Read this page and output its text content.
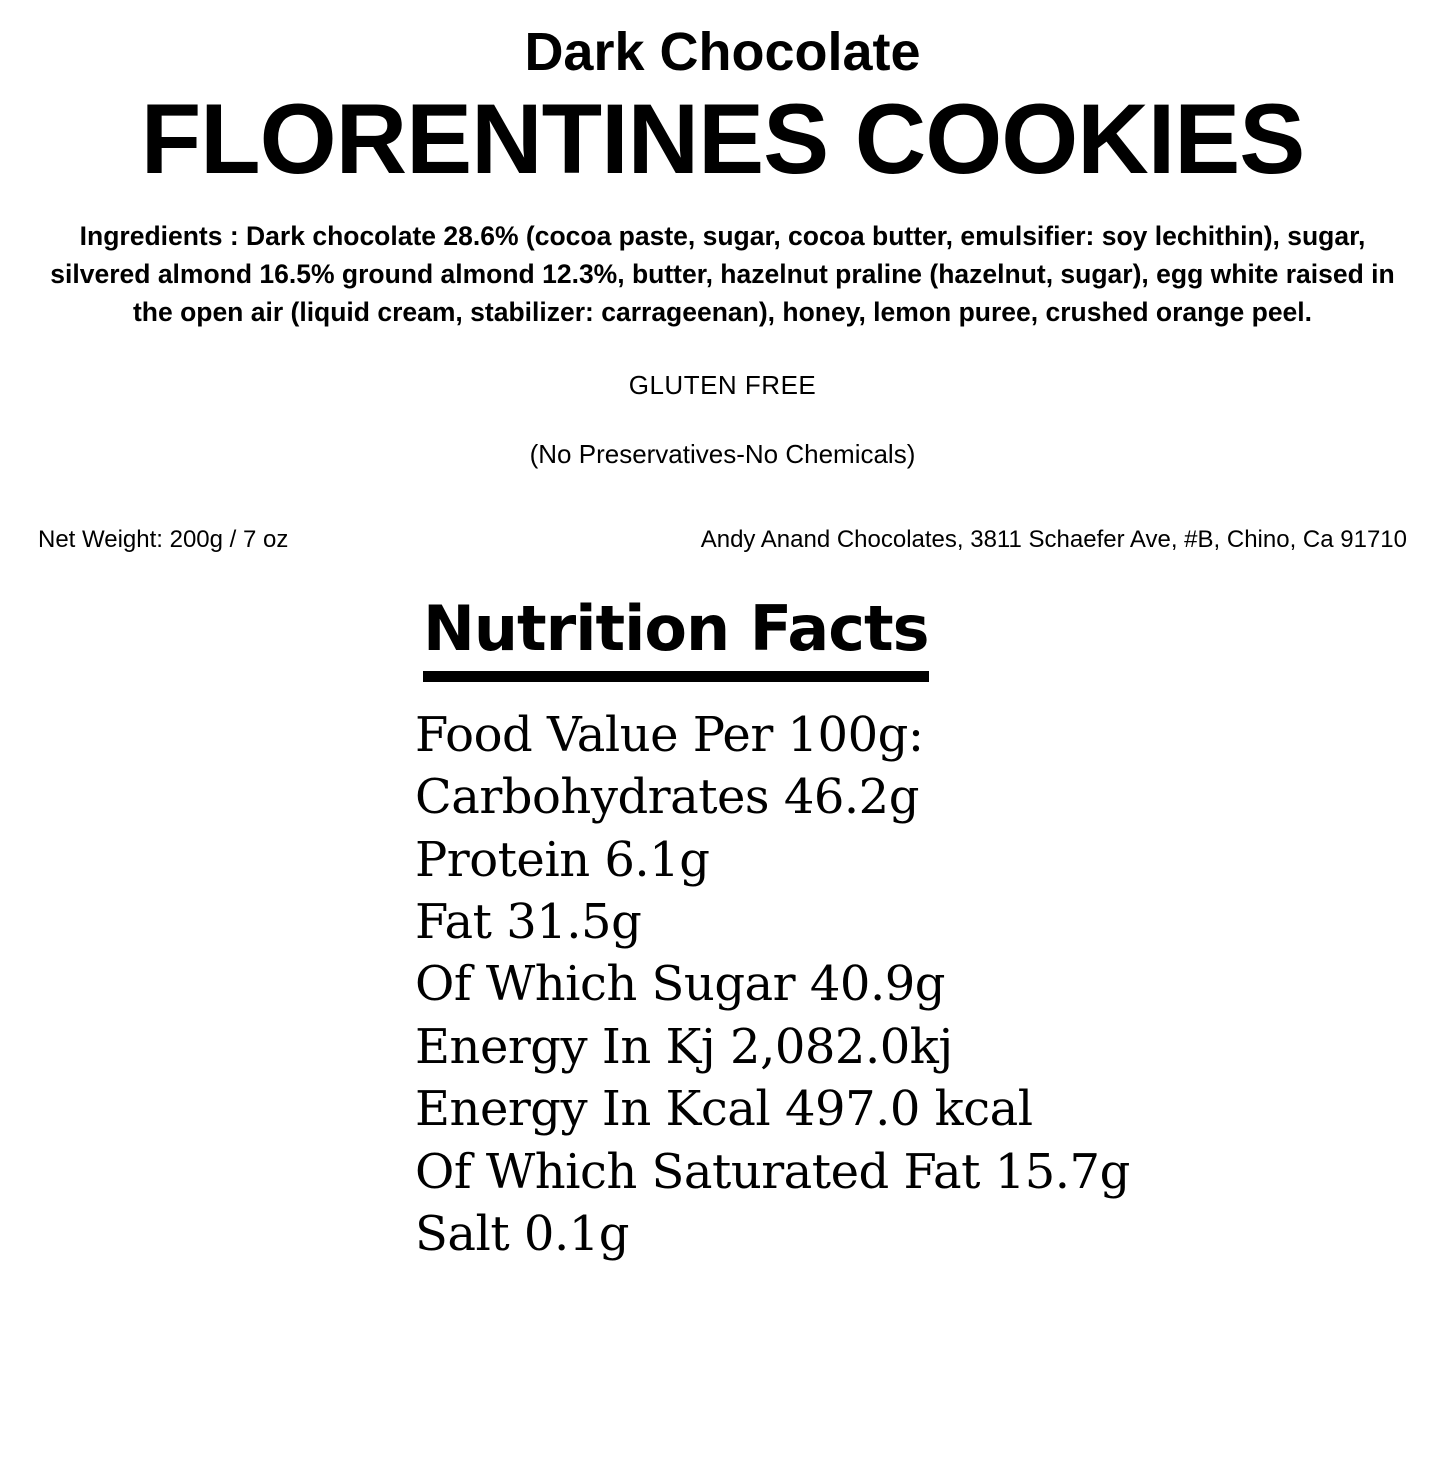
Dark Chocolate
FLORENTINES COOKIES
Ingredients : Dark chocolate 28.6% (cocoa paste, sugar, cocoa butter, emulsifier: soy lechithin), sugar, silvered almond 16.5% ground almond 12.3%, butter, hazelnut praline (hazelnut, sugar), egg white raised in the open air (liquid cream, stabilizer: carrageenan), honey, lemon puree, crushed orange peel.
GLUTEN FREE
(No Preservatives-No Chemicals)
Net Weight: 200g / 7 oz	Andy Anand Chocolates, 3811 Schaefer Ave, #B, Chino, Ca 91710
Nutrition Facts
Food Value Per 100g:
Carbohydrates 46.2g
Protein 6.1g
Fat 31.5g
Of Which Sugar 40.9g
Energy In Kj 2,082.0kj
Energy In Kcal 497.0 kcal
Of Which Saturated Fat 15.7g
Salt 0.1g
